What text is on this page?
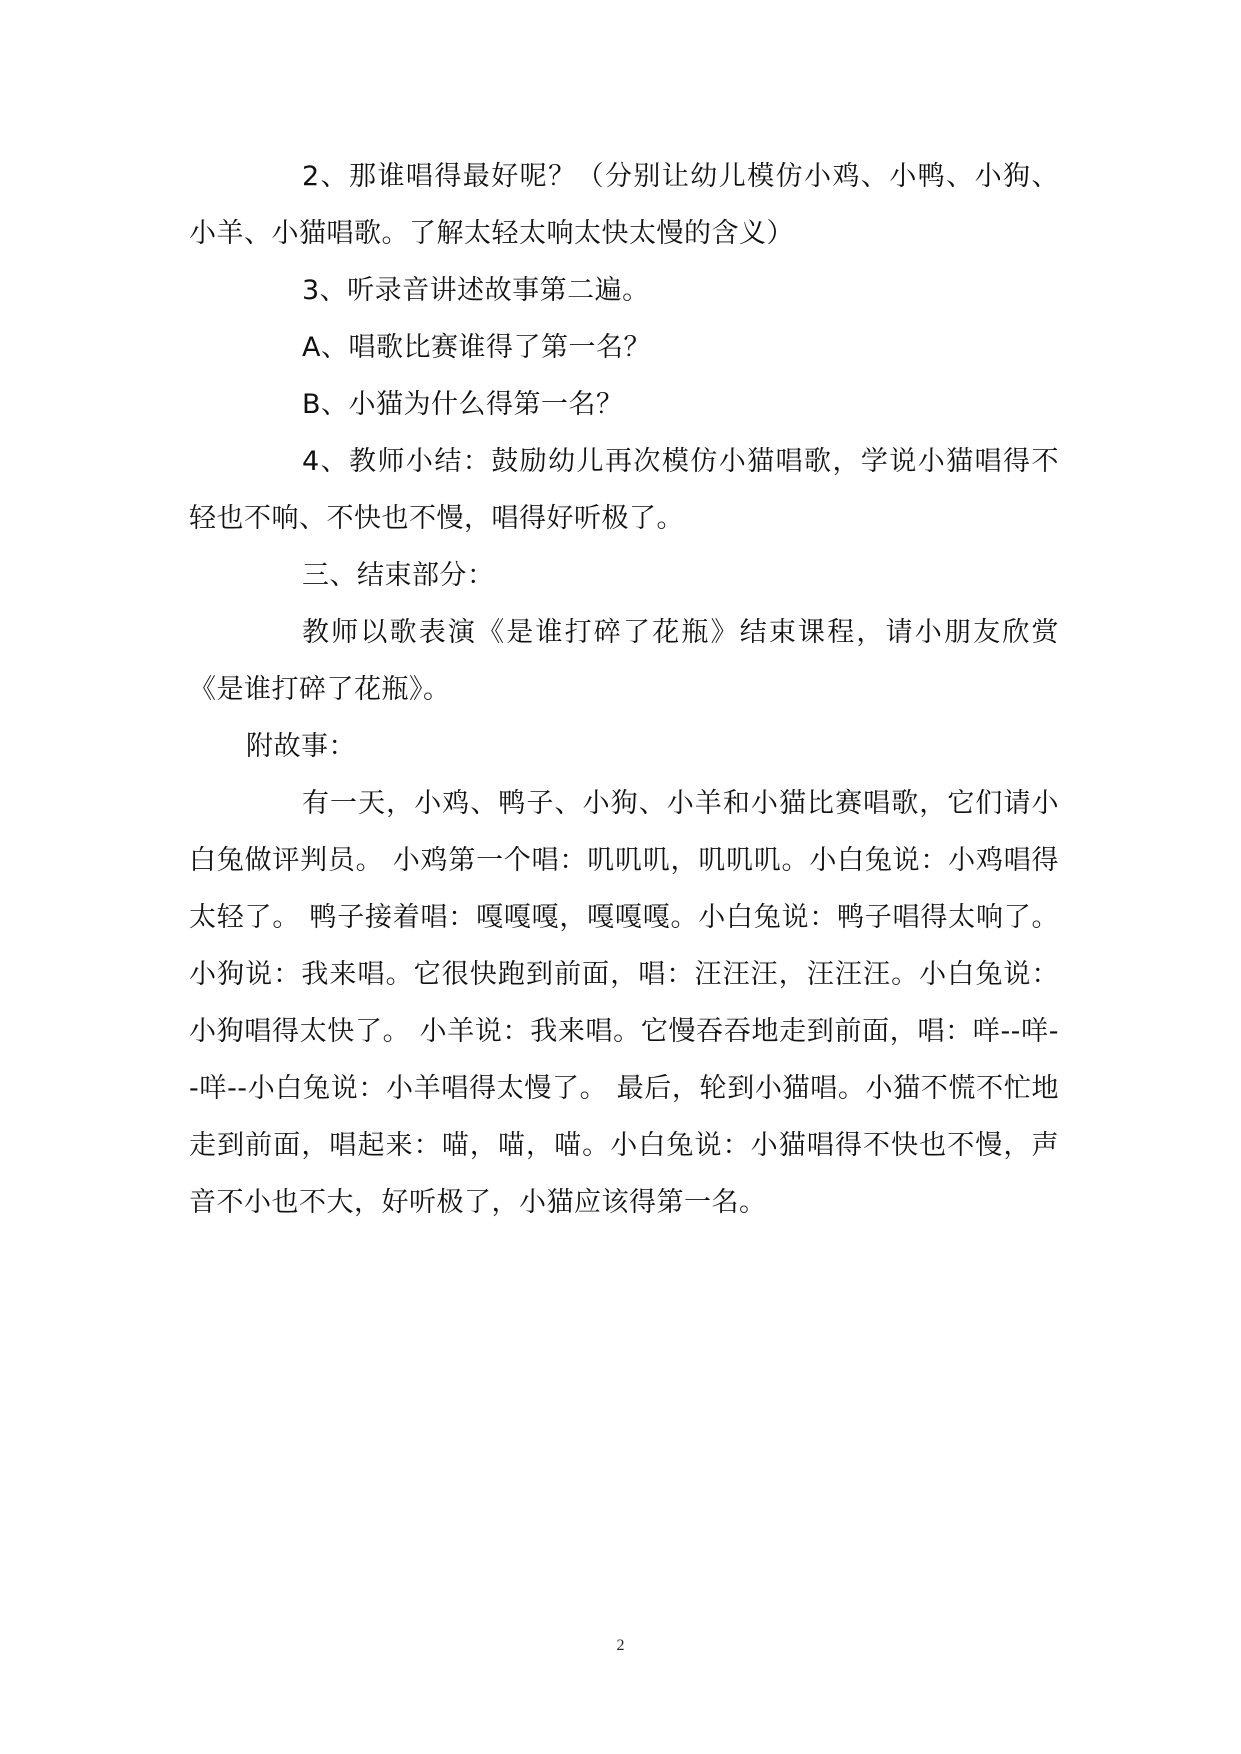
2、那谁唱得最好呢？（分别让幼儿模仿小鸡、小鸭、小狗、小羊、小猫唱歌。了解太轻太响太快太慢的含义）

3、听录音讲述故事第二遍。

A、唱歌比赛谁得了第一名？

B、小猫为什么得第一名？

4、教师小结：鼓励幼儿再次模仿小猫唱歌，学说小猫唱得不轻也不响、不快也不慢，唱得好听极了。

三、结束部分：

教师以歌表演《是谁打碎了花瓶》结束课程，请小朋友欣赏《是谁打碎了花瓶》。

附故事：

有一天，小鸡、鸭子、小狗、小羊和小猫比赛唱歌，它们请小白兔做评判员。 小鸡第一个唱：叽叽叽，叽叽叽。小白兔说：小鸡唱得太轻了。 鸭子接着唱：嘎嘎嘎，嘎嘎嘎。小白兔说：鸭子唱得太响了。 小狗说：我来唱。它很快跑到前面，唱：汪汪汪，汪汪汪。小白兔说：小狗唱得太快了。 小羊说：我来唱。它慢吞吞地走到前面，唱：咩--咩--咩--小白兔说：小羊唱得太慢了。 最后，轮到小猫唱。小猫不慌不忙地走到前面，唱起来：喵，喵，喵。小白兔说：小猫唱得不快也不慢，声音不小也不大，好听极了，小猫应该得第一名。

2
